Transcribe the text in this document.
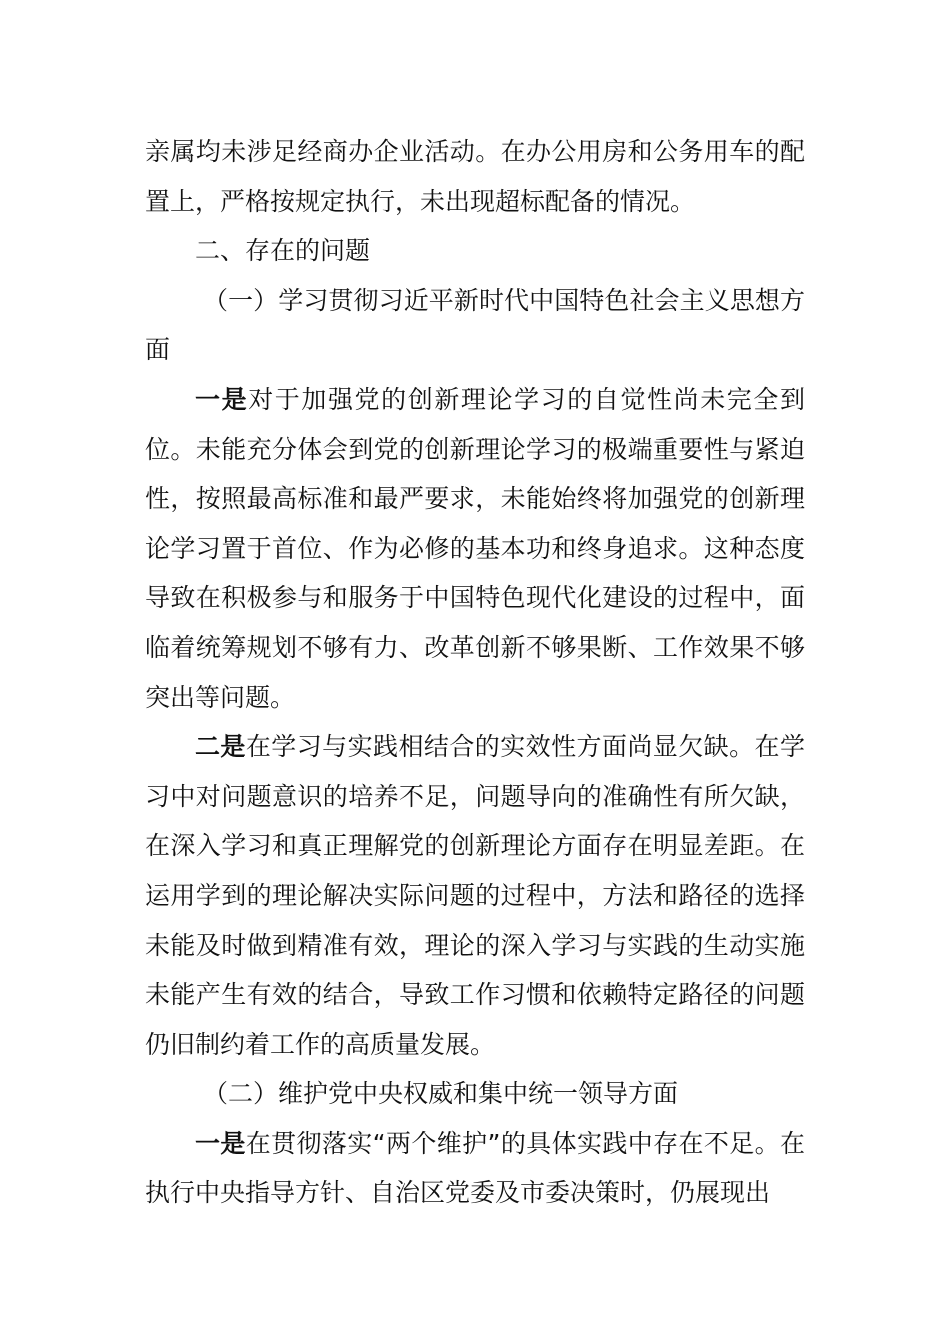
亲属均未涉足经商办企业活动。在办公用房和公务用车的配置上，严格按规定执行，未出现超标配备的情况。

二、存在的问题

（一）学习贯彻习近平新时代中国特色社会主义思想方面

一是对于加强党的创新理论学习的自觉性尚未完全到位。未能充分体会到党的创新理论学习的极端重要性与紧迫性，按照最高标准和最严要求，未能始终将加强党的创新理论学习置于首位、作为必修的基本功和终身追求。这种态度导致在积极参与和服务于中国特色现代化建设的过程中，面临着统筹规划不够有力、改革创新不够果断、工作效果不够突出等问题。

二是在学习与实践相结合的实效性方面尚显欠缺。在学习中对问题意识的培养不足，问题导向的准确性有所欠缺，在深入学习和真正理解党的创新理论方面存在明显差距。在运用学到的理论解决实际问题的过程中，方法和路径的选择未能及时做到精准有效，理论的深入学习与实践的生动实施未能产生有效的结合，导致工作习惯和依赖特定路径的问题仍旧制约着工作的高质量发展。

（二）维护党中央权威和集中统一领导方面

一是在贯彻落实“两个维护”的具体实践中存在不足。在执行中央指导方针、自治区党委及市委决策时，仍展现出
